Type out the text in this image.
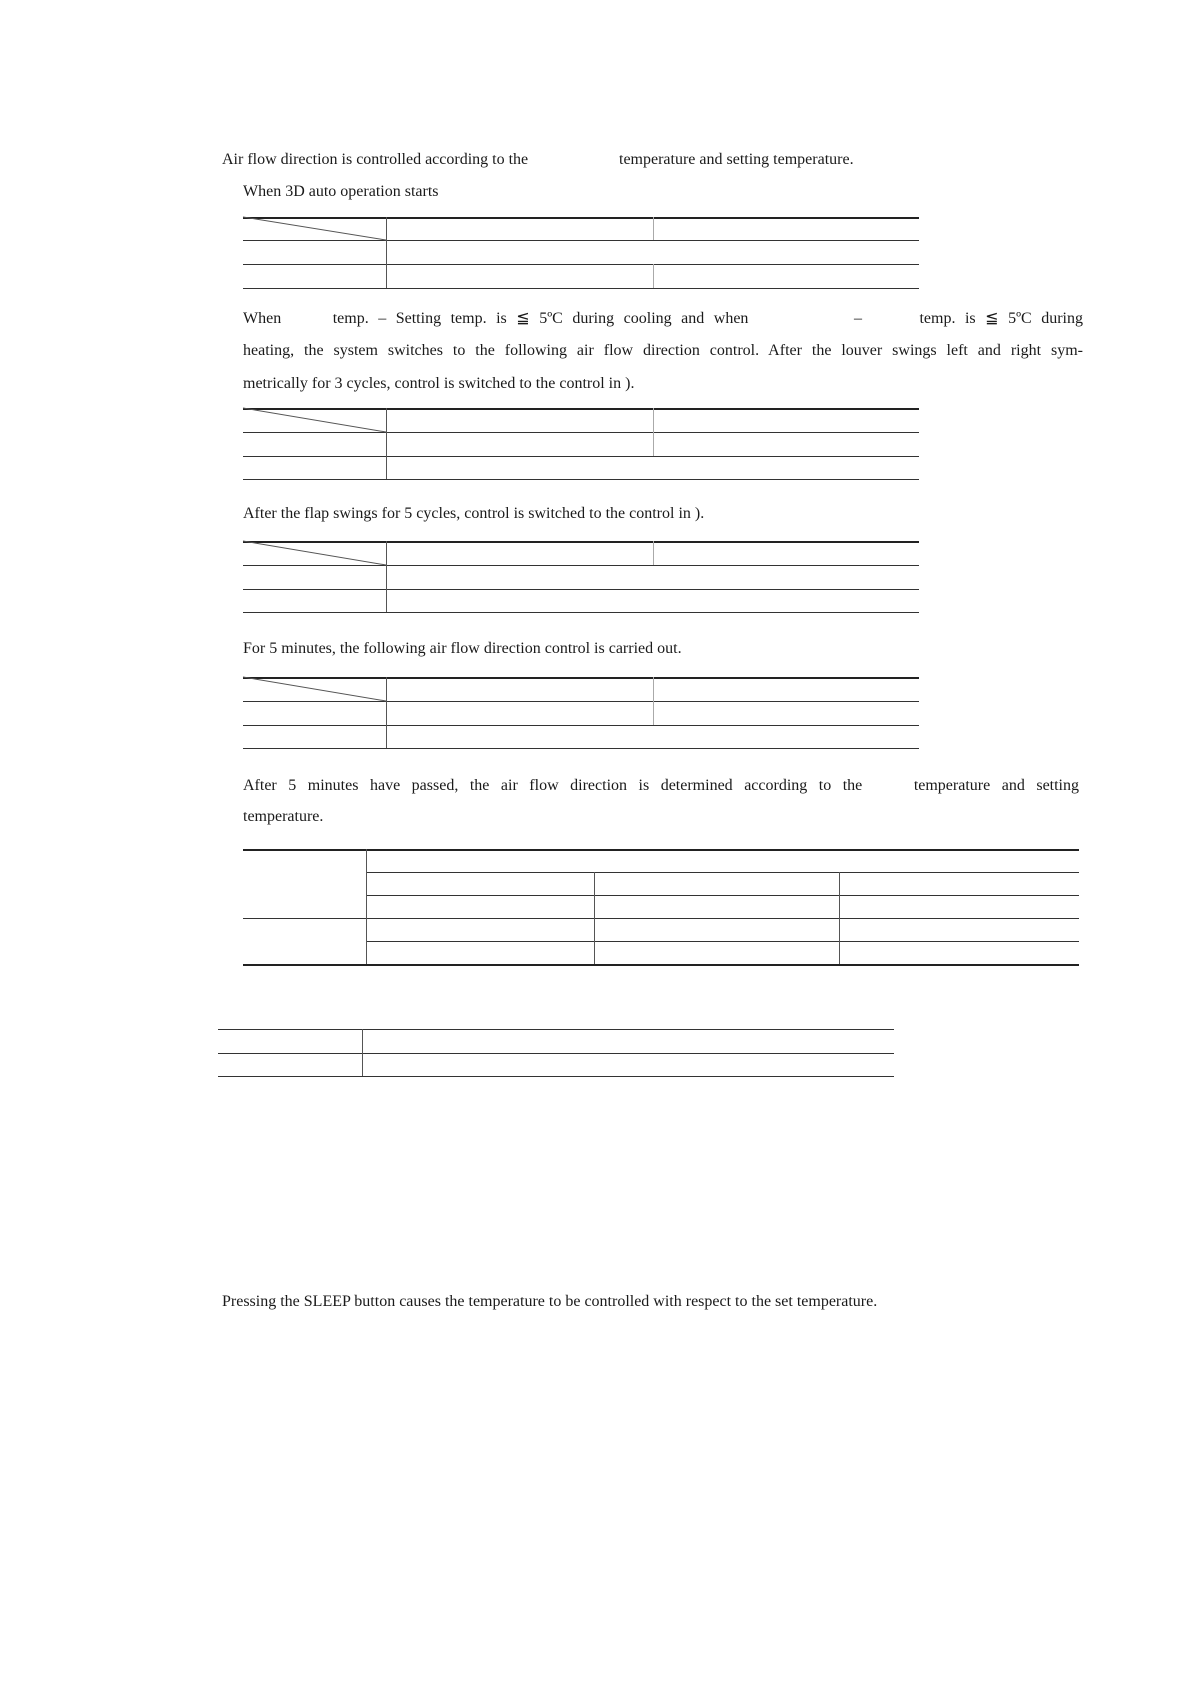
Air flow direction is controlled according to the	temperature and setting temperature.

When 3D auto operation starts

When	temp. – Setting temp. is ≦ 5ºC during cooling and when	–	temp. is ≦ 5ºC during
heating, the system switches to the following air flow direction control. After the louver swings left and right sym-

metrically for 3 cycles, control is switched to the control in ).

After the flap swings for 5 cycles, control is switched to the control in ).

For 5 minutes, the following air flow direction control is carried out.

After 5 minutes have passed, the air flow direction is determined according to the	temperature and setting

temperature.

Pressing the SLEEP button causes the temperature to be controlled with respect to the set temperature.
